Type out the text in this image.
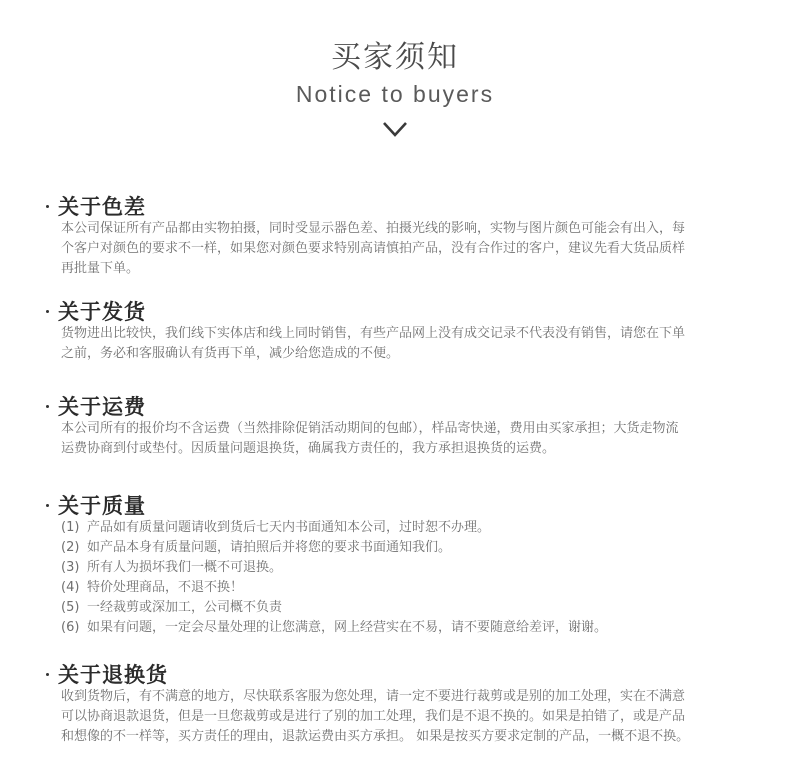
买家须知
Notice to buyers
关于色差

本公司保证所有产品都由实物拍摄，同时受显示器色差、拍摄光线的影响，实物与图片颜色可能会有出入，每

个客户对颜色的要求不一样，如果您对颜色要求特别高请慎拍产品，没有合作过的客户，建议先看大货品质样

再批量下单。

关于发货

货物进出比较快，我们线下实体店和线上同时销售，有些产品网上没有成交记录不代表没有销售，请您在下单

之前，务必和客服确认有货再下单，减少给您造成的不便。

关于运费

本公司所有的报价均不含运费（当然排除促销活动期间的包邮），样品寄快递，费用由买家承担；大货走物流

运费协商到付或垫付。因质量问题退换货，确属我方责任的，我方承担退换货的运费。

关于质量
(1) 产品如有质量问题请收到货后七天内书面通知本公司，过时恕不办理。
(2) 如产品本身有质量问题，请拍照后并将您的要求书面通知我们。
(3) 所有人为损坏我们一概不可退换。
(4) 特价处理商品，不退不换！
(5) 一经裁剪或深加工，公司概不负责
(6) 如果有问题，一定会尽量处理的让您满意，网上经营实在不易，请不要随意给差评，谢谢。
关于退换货

收到货物后，有不满意的地方，尽快联系客服为您处理，请一定不要进行裁剪或是别的加工处理，实在不满意

可以协商退款退货，但是一旦您裁剪或是进行了别的加工处理，我们是不退不换的。如果是拍错了，或是产品

和想像的不一样等，买方责任的理由，退款运费由买方承担。 如果是按买方要求定制的产品，一概不退不换。
